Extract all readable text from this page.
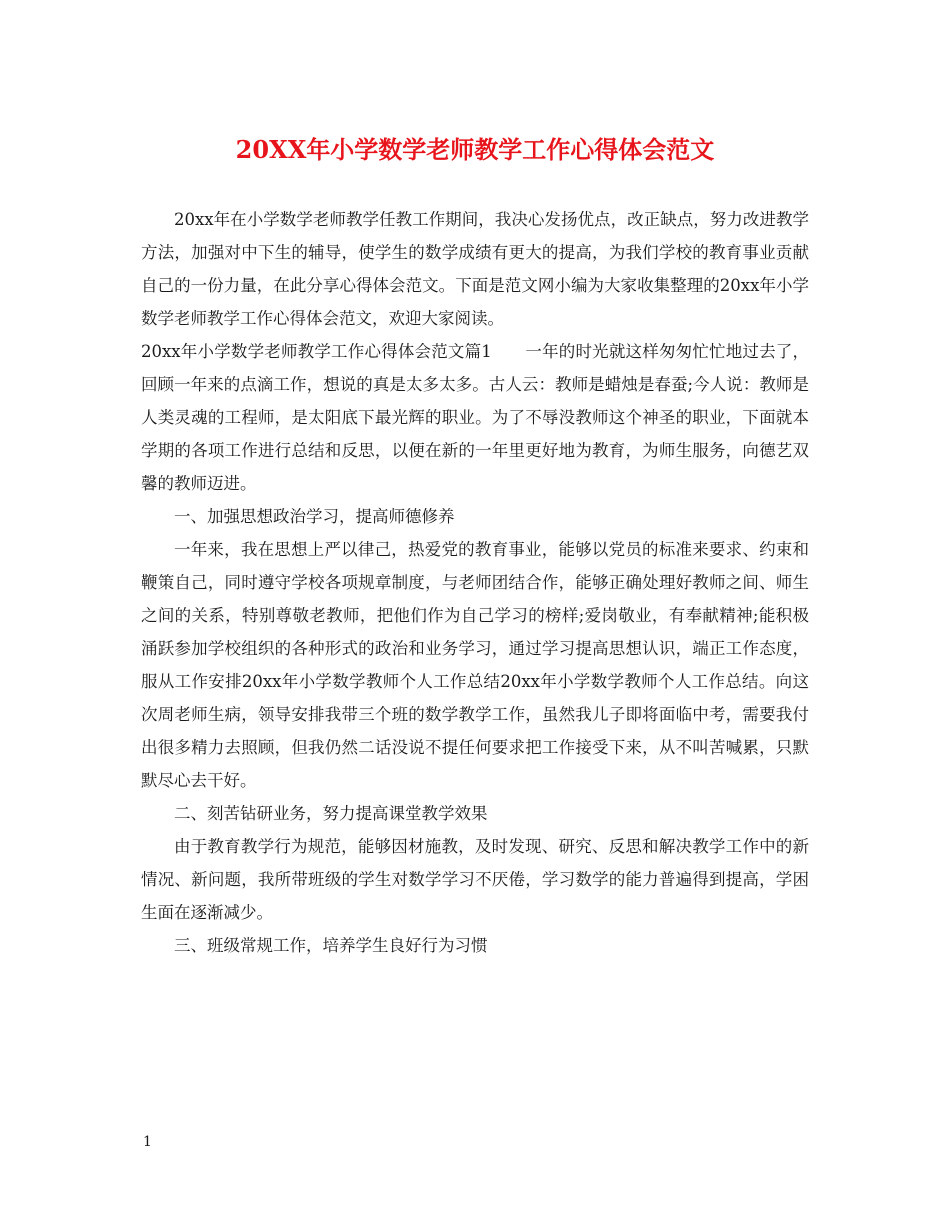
20XX年小学数学老师教学工作心得体会范文

20xx年在小学数学老师教学任教工作期间，我决心发扬优点，改正缺点，努力改进教学方法，加强对中下生的辅导，使学生的数学成绩有更大的提高，为我们学校的教育事业贡献自己的一份力量，在此分享心得体会范文。下面是范文网小编为大家收集整理的20xx年小学数学老师教学工作心得体会范文，欢迎大家阅读。

20xx年小学数学老师教学工作心得体会范文篇1　　一年的时光就这样匆匆忙忙地过去了，回顾一年来的点滴工作，想说的真是太多太多。古人云：教师是蜡烛是春蚕;今人说：教师是人类灵魂的工程师，是太阳底下最光辉的职业。为了不辱没教师这个神圣的职业，下面就本学期的各项工作进行总结和反思，以便在新的一年里更好地为教育，为师生服务，向德艺双馨的教师迈进。

一、加强思想政治学习，提高师德修养

一年来，我在思想上严以律己，热爱党的教育事业，能够以党员的标准来要求、约束和鞭策自己，同时遵守学校各项规章制度，与老师团结合作，能够正确处理好教师之间、师生之间的关系，特别尊敬老教师，把他们作为自己学习的榜样;爱岗敬业，有奉献精神;能积极涌跃参加学校组织的各种形式的政治和业务学习，通过学习提高思想认识，端正工作态度，服从工作安排20xx年小学数学教师个人工作总结20xx年小学数学教师个人工作总结。向这次周老师生病，领导安排我带三个班的数学教学工作，虽然我儿子即将面临中考，需要我付出很多精力去照顾，但我仍然二话没说不提任何要求把工作接受下来，从不叫苦喊累，只默默尽心去干好。

二、刻苦钻研业务，努力提高课堂教学效果

由于教育教学行为规范，能够因材施教，及时发现、研究、反思和解决教学工作中的新情况、新问题，我所带班级的学生对数学学习不厌倦，学习数学的能力普遍得到提高，学困生面在逐渐减少。

三、班级常规工作，培养学生良好行为习惯

1
